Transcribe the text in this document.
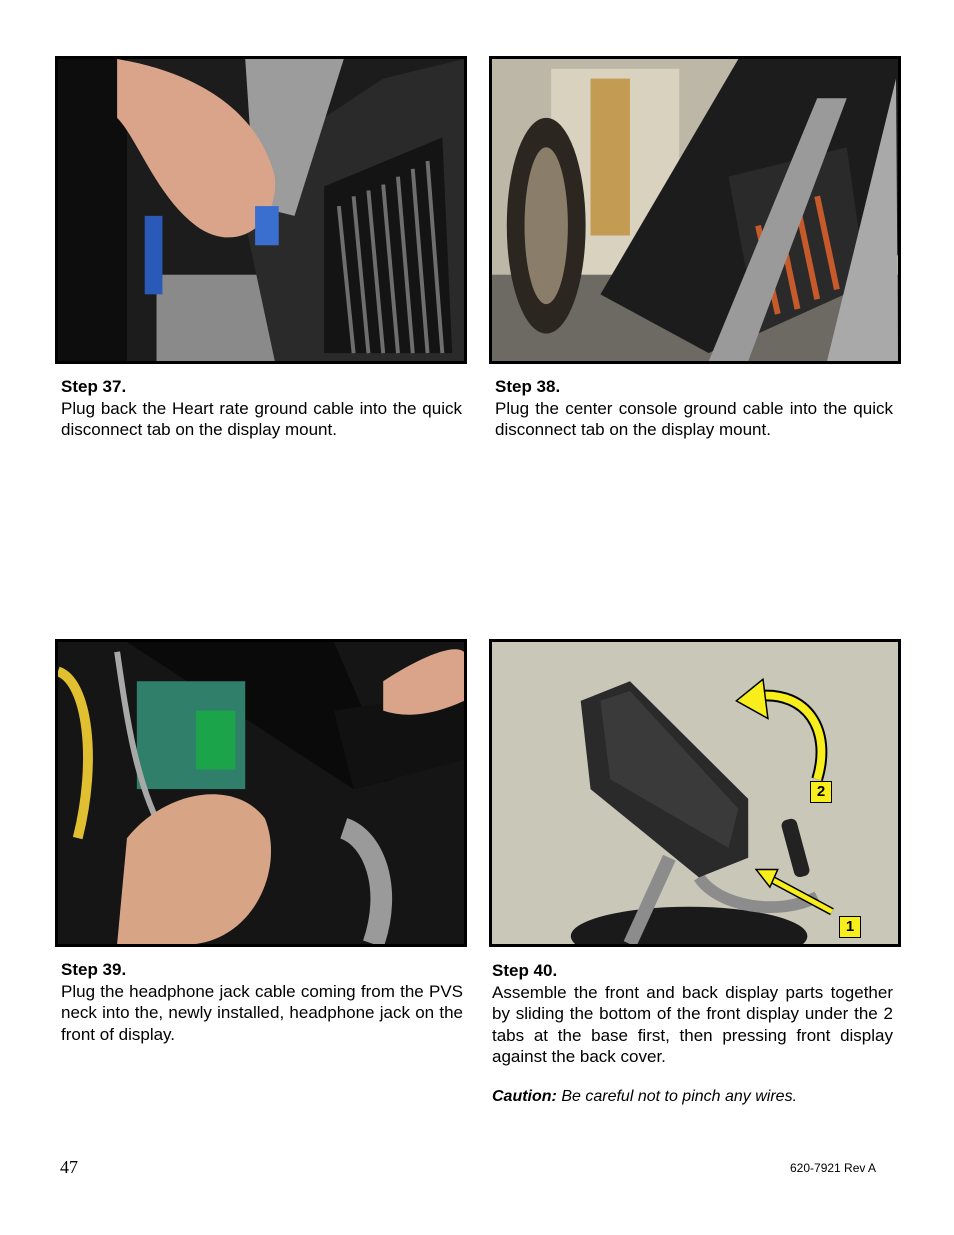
2
1
Step 37.
Plug back the Heart rate ground cable into the quick disconnect tab on the display mount.
Step 38.
Plug the center console ground cable into the quick disconnect tab on the display mount.
Step 39.
Plug the headphone jack cable coming from the PVS neck into the, newly installed, headphone jack on the front of display.
Step 40.
Assemble the front and back display parts together by sliding the bottom of the front display under the 2 tabs at the base first, then pressing front display against the back cover.
Caution: Be careful not to pinch any wires.
47	620-7921 Rev A
